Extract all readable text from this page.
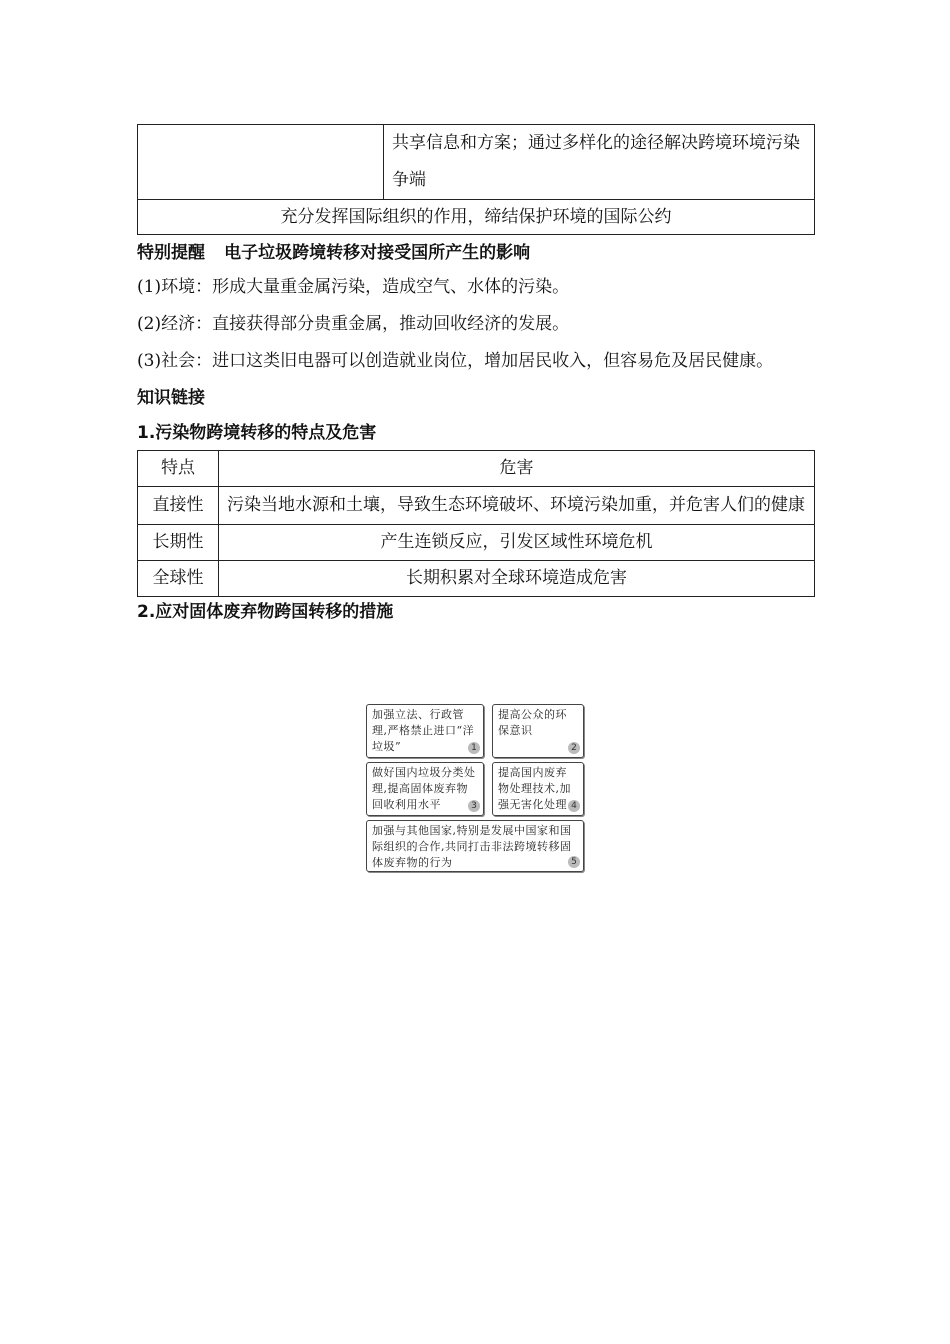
	共享信息和方案；通过多样化的途径解决跨境环境污染争端
充分发挥国际组织的作用，缔结保护环境的国际公约

特别提醒 电子垃圾跨境转移对接受国所产生的影响

(1)环境：形成大量重金属污染，造成空气、水体的污染。

(2)经济：直接获得部分贵重金属，推动回收经济的发展。

(3)社会：进口这类旧电器可以创造就业岗位，增加居民收入，但容易危及居民健康。

知识链接

1.污染物跨境转移的特点及危害

特点	危害
直接性	污染当地水源和土壤，导致生态环境破坏、环境污染加重，并危害人们的健康
长期性	产生连锁反应，引发区域性环境危机
全球性	长期积累对全球环境造成危害

2.应对固体废弃物跨国转移的措施

加强立法、行政管理,严格禁止进口“洋垃圾”	1
提高公众的环保意识
2
做好国内垃圾分类处理,提高固体废弃物回收利用水平	3
提高国内废弃物处理技术,加强无害化处理 4
加强与其他国家,特别是发展中国家和国际组织的合作,共同打击非法跨境转移固体废弃物的行为	5
